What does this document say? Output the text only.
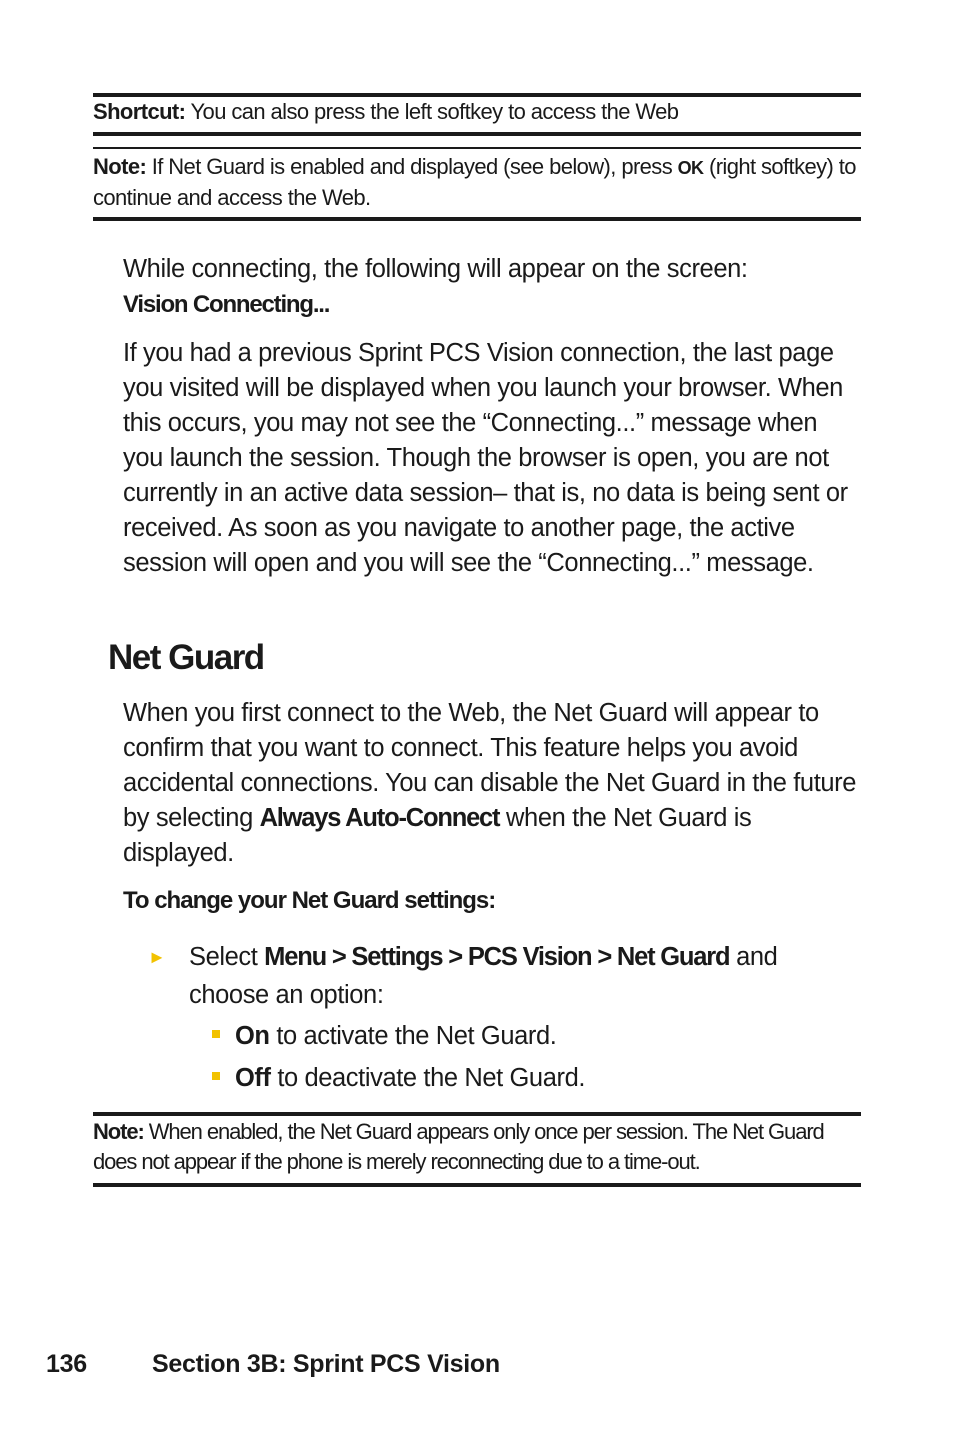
Shortcut: You can also press the left softkey to access the Web
Note: If Net Guard is enabled and displayed (see below), press OK (right softkey) to continue and access the Web.

While connecting, the following will appear on the screen:

Vision Connecting...

If you had a previous Sprint PCS Vision connection, the last page you visited will be displayed when you launch your browser. When this occurs, you may not see the “Connecting...” message when you launch the session. Though the browser is open, you are not currently in an active data session– that is, no data is being sent or received. As soon as you navigate to another page, the active session will open and you will see the “Connecting...” message.

Net Guard

When you first connect to the Web, the Net Guard will appear to confirm that you want to connect. This feature helps you avoid accidental connections. You can disable the Net Guard in the future by selecting Always Auto-Connect when the Net Guard is displayed.

To change your Net Guard settings:
► Select Menu > Settings > PCS Vision > Net Guard and choose an option:
On to activate the Net Guard.
Off to deactivate the Net Guard.
Note: When enabled, the Net Guard appears only once per session. The Net Guard does not appear if the phone is merely reconnecting due to a time-out.
136	Section 3B: Sprint PCS Vision
